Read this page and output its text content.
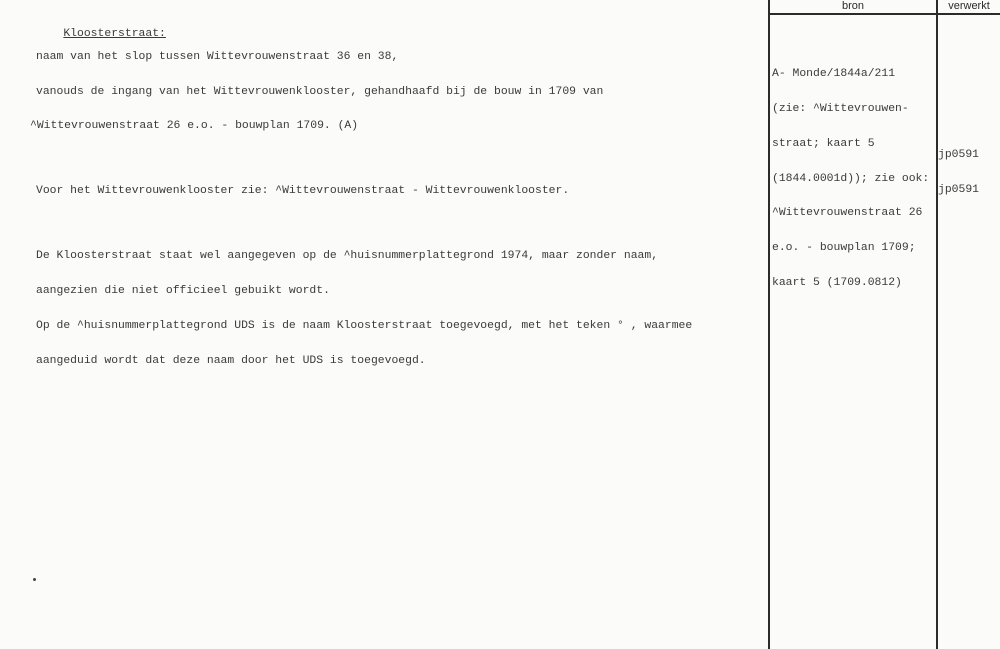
bron	verwerkt

Kloosterstraat:

naam van het slop tussen Wittevrouwenstraat 36 en 38,

vanouds de ingang van het Wittevrouwenklooster, gehandhaafd bij de bouw in 1709 van

^Wittevrouwenstraat 26 e.o. - bouwplan 1709. (A)

Voor het Wittevrouwenklooster zie: ^Wittevrouwenstraat - Wittevrouwenklooster.

De Kloosterstraat staat wel aangegeven op de ^huisnummerplattegrond 1974, maar zonder naam,

aangezien die niet officieel gebuikt wordt.

Op de ^huisnummerplattegrond UDS is de naam Kloosterstraat toegevoegd, met het teken ° , waarmee

aangeduid wordt dat deze naam door het UDS is toegevoegd.

A- Monde/1844a/211

(zie: ^Wittevrouwen-

straat; kaart 5

(1844.0001d)); zie ook:

^Wittevrouwenstraat 26

e.o. - bouwplan 1709;

kaart 5 (1709.0812)

jp0591

jp0591
